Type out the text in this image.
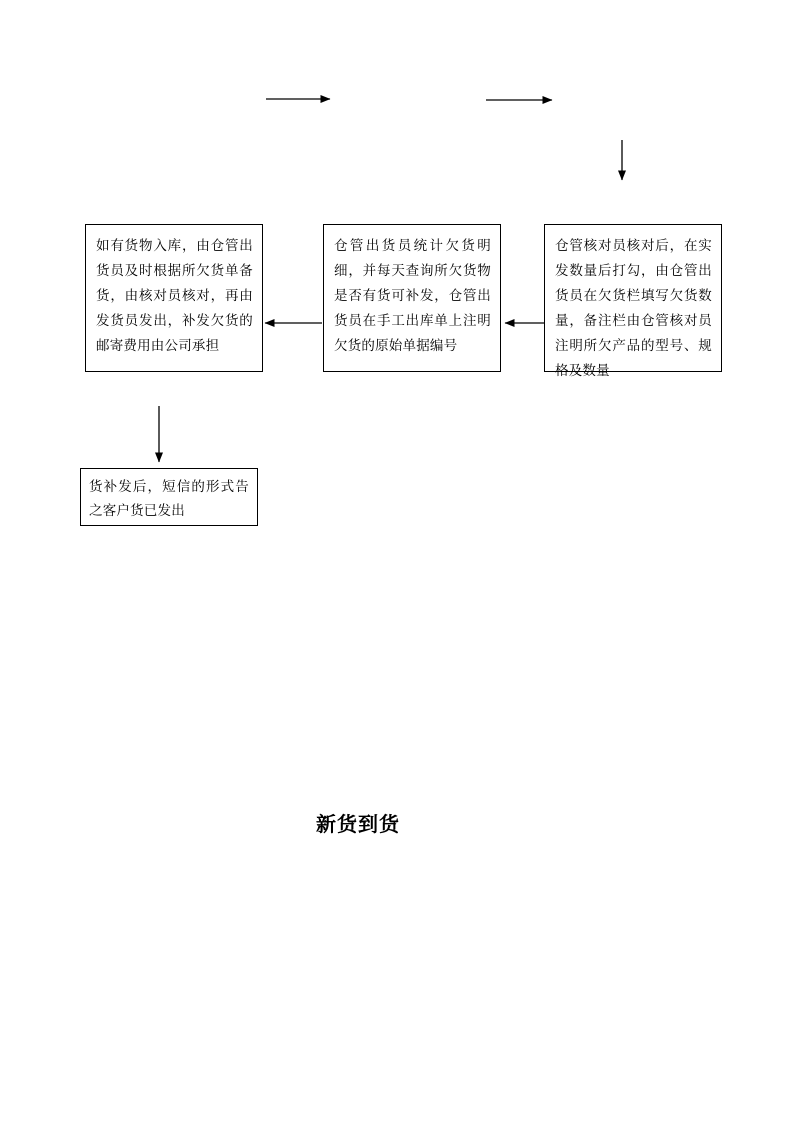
如有货物入库，由仓管出货员及时根据所欠货单备货，由核对员核对，再由发货员发出，补发欠货的邮寄费用由公司承担
仓管出货员统计欠货明细，并每天查询所欠货物是否有货可补发，仓管出货员在手工出库单上注明欠货的原始单据编号
仓管核对员核对后，在实发数量后打勾，由仓管出货员在欠货栏填写欠货数量，备注栏由仓管核对员注明所欠产品的型号、规格及数量
货补发后，短信的形式告之客户货已发出
新货到货
